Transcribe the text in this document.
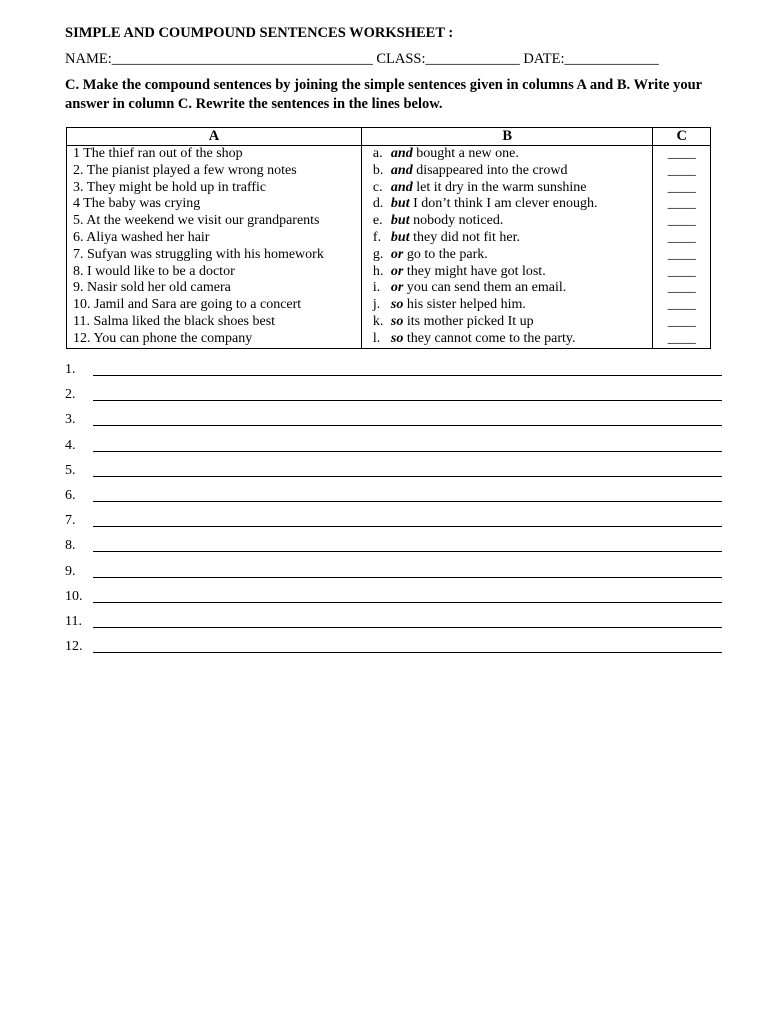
SIMPLE AND COUMPOUND SENTENCES WORKSHEET :
NAME:____________________________________ CLASS:_____________ DATE:_____________
C. Make the compound sentences by joining the simple sentences given in columns A and B. Write your answer in column C. Rewrite the sentences in the lines below.
A	B	C
1 The thief ran out of the shop	a. and bought a new one.	____
2. The pianist played a few wrong notes	b. and disappeared into the crowd	____
3. They might be hold up in traffic	c. and let it dry in the warm sunshine	____
4 The baby was crying	d. but I don’t think I am clever enough.	____
5. At the weekend we visit our grandparents	e. but nobody noticed.	____
6. Aliya washed her hair	f. but they did not fit her.	____
7. Sufyan was struggling with his homework	g. or go to the park.	____
8. I would like to be a doctor	h. or they might have got lost.	____
9. Nasir sold her old camera	i. or you can send them an email.	____
10. Jamil and Sara are going to a concert	j. so his sister helped him.	____
11. Salma liked the black shoes best	k. so its mother picked It up	____
12. You can phone the company	l. so they cannot come to the party.	____
1.
2.
3.
4.
5.
6.
7.
8.
9.
10.
11.
12.
